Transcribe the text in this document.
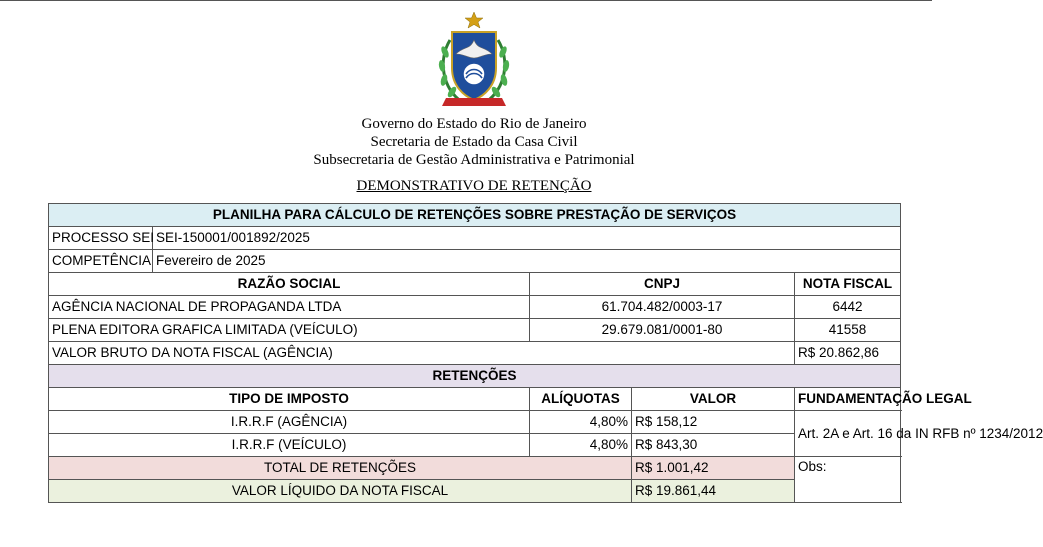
Governo do Estado do Rio de Janeiro
Secretaria de Estado da Casa Civil
Subsecretaria de Gestão Administrativa e Patrimonial
DEMONSTRATIVO DE RETENÇÃO
PLANILHA PARA CÁLCULO DE RETENÇÕES SOBRE PRESTAÇÃO DE SERVIÇOS					
PROCESSO SEI	SEI-150001/001892/2025				
COMPETÊNCIA	Fevereiro de 2025				
RAZÃO SOCIAL		CNPJ		NOTA FISCAL	
AGÊNCIA NACIONAL DE PROPAGANDA LTDA		61.704.482/0003-17		6442	
PLENA EDITORA GRAFICA LIMITADA (VEÍCULO)		29.679.081/0001-80		41558	
VALOR BRUTO DA NOTA FISCAL (AGÊNCIA)				R$ 20.862,86	
RETENÇÕES					
TIPO DE IMPOSTO		ALÍQUOTAS	VALOR	FUNDAMENTAÇÃO LEGAL	
I.R.R.F (AGÊNCIA)		4,80%	R$ 158,12	Art. 2A e Art. 16 da IN RFB nº 1234/2012	
I.R.R.F (VEÍCULO)		4,80%	R$ 843,30		
TOTAL DE RETENÇÕES			R$ 1.001,42	Obs:	
VALOR LÍQUIDO DA NOTA FISCAL			R$ 19.861,44		
